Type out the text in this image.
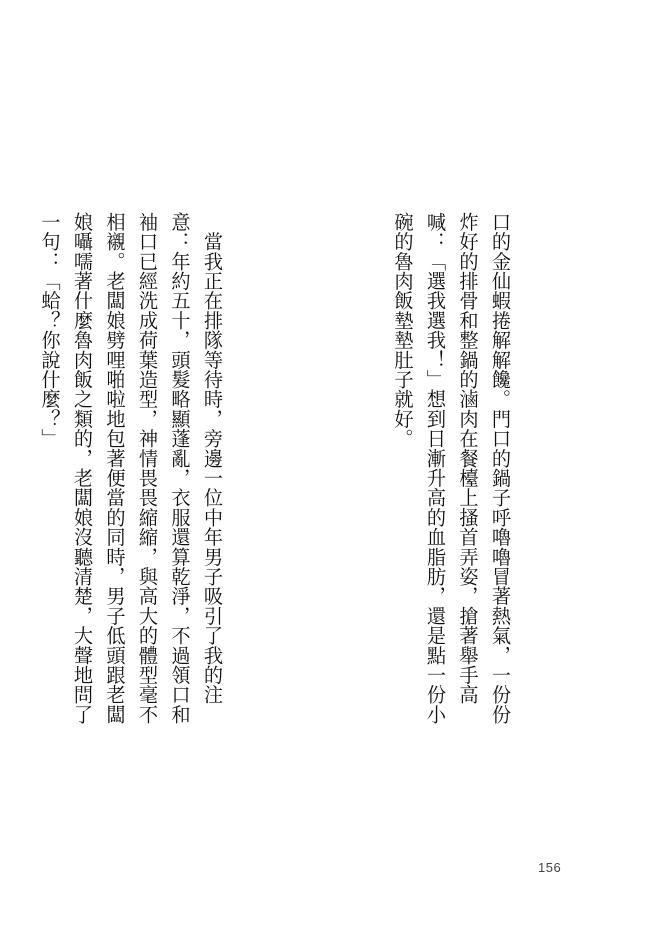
口的金仙蝦捲解解饞。門口的鍋子呼嚕嚕冒著熱氣，一份份炸好的排骨和整鍋的滷肉在餐檯上搔首弄姿，搶著舉手高喊：「選我選我！」想到日漸升高的血脂肪，還是點一份小碗的魯肉飯墊墊肚子就好。

　當我正在排隊等待時，旁邊一位中年男子吸引了我的注意：年約五十，頭髮略顯蓬亂，衣服還算乾淨，不過領口和袖口已經洗成荷葉造型，神情畏畏縮縮，與高大的體型毫不相襯。老闆娘劈哩啪啦地包著便當的同時，男子低頭跟老闆娘囁嚅著什麼魯肉飯之類的，老闆娘沒聽清楚，大聲地問了一句：「蛤？你說什麼？」

156
